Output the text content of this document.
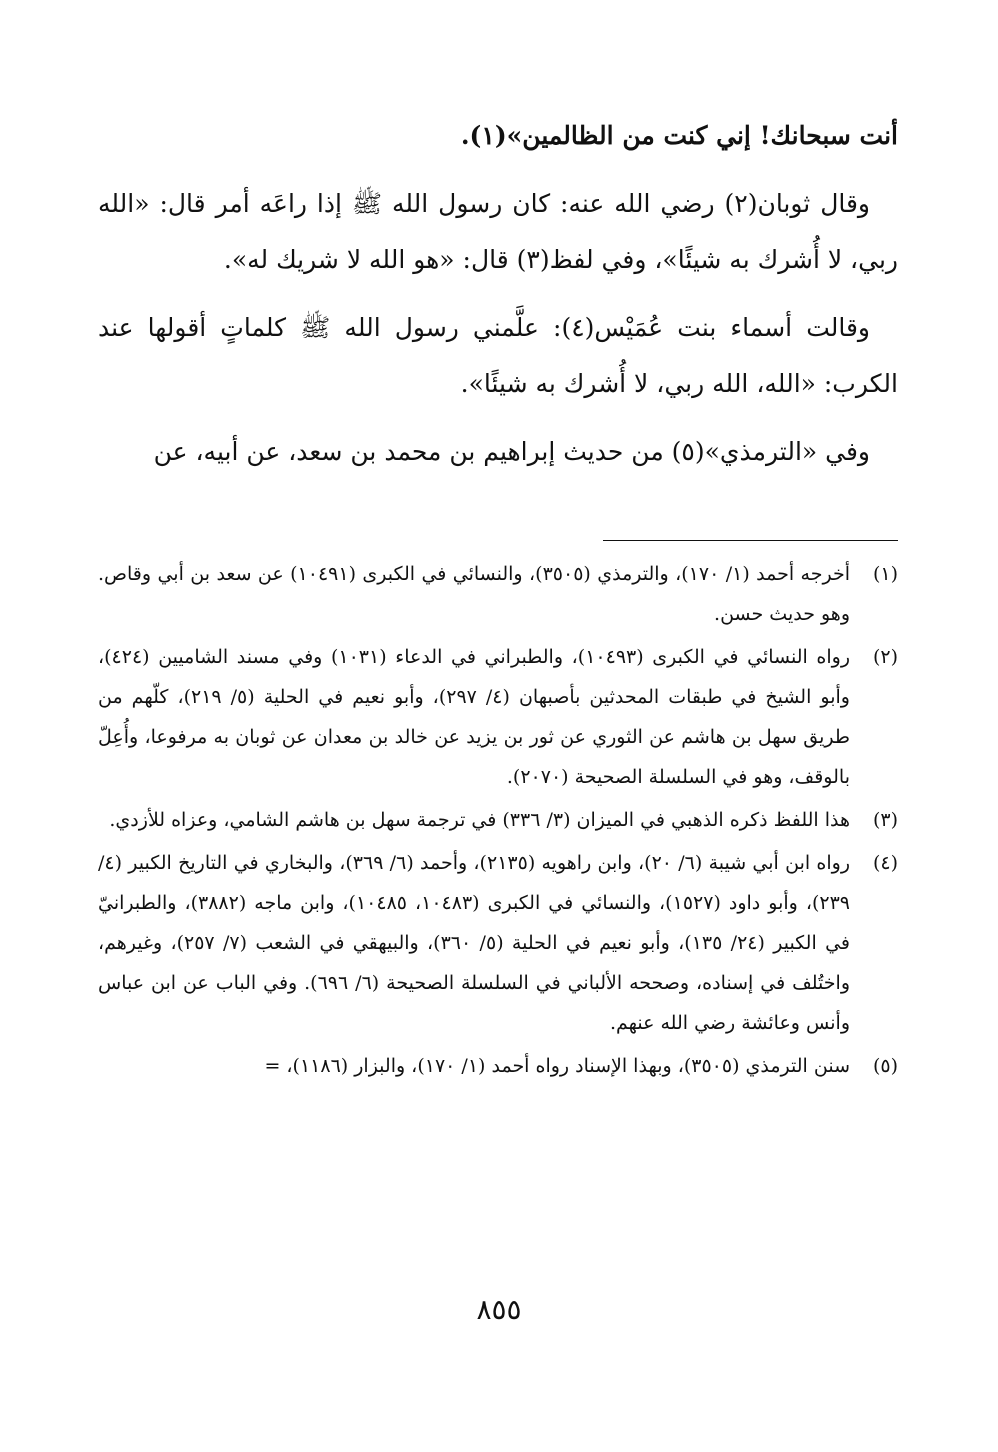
أنت سبحانك! إني كنت من الظالمين»(١).

وقال ثوبان(٢) رضي الله عنه: كان رسول الله ﷺ إذا راعَه أمر قال: «الله ربي، لا أُشرك به شيئًا»، وفي لفظ(٣) قال: «هو الله لا شريك له».

وقالت أسماء بنت عُمَيْس(٤): علَّمني رسول الله ﷺ كلماتٍ أقولها عند الكرب: «الله، الله ربي، لا أُشرك به شيئًا».

وفي «الترمذي»(٥) من حديث إبراهيم بن محمد بن سعد، عن أبيه، عن

(١)
أخرجه أحمد (١/ ١٧٠)، والترمذي (٣٥٠٥)، والنسائي في الكبرى (١٠٤٩١) عن سعد بن أبي وقاص. وهو حديث حسن.
(٢)
رواه النسائي في الكبرى (١٠٤٩٣)، والطبراني في الدعاء (١٠٣١) وفي مسند الشاميين (٤٢٤)، وأبو الشيخ في طبقات المحدثين بأصبهان (٤/ ٢٩٧)، وأبو نعيم في الحلية (٥/ ٢١٩)، كلّهم من طريق سهل بن هاشم عن الثوري عن ثور بن يزيد عن خالد بن معدان عن ثوبان به مرفوعا، وأُعِلّ بالوقف، وهو في السلسلة الصحيحة (٢٠٧٠).
(٣)
هذا اللفظ ذكره الذهبي في الميزان (٣/ ٣٣٦) في ترجمة سهل بن هاشم الشامي، وعزاه للأزدي.
(٤)
رواه ابن أبي شيبة (٦/ ٢٠)، وابن راهويه (٢١٣٥)، وأحمد (٦/ ٣٦٩)، والبخاري في التاريخ الكبير (٤/ ٢٣٩)، وأبو داود (١٥٢٧)، والنسائي في الكبرى (١٠٤٨٣، ١٠٤٨٥)، وابن ماجه (٣٨٨٢)، والطبرانيّ في الكبير (٢٤/ ١٣٥)، وأبو نعيم في الحلية (٥/ ٣٦٠)، والبيهقي في الشعب (٧/ ٢٥٧)، وغيرهم، واختُلف في إسناده، وصححه الألباني في السلسلة الصحيحة (٦/ ٦٩٦). وفي الباب عن ابن عباس وأنس وعائشة رضي الله عنهم.
(٥)
سنن الترمذي (٣٥٠٥)، وبهذا الإسناد رواه أحمد (١/ ١٧٠)، والبزار (١١٨٦)، =
٨٥٥
